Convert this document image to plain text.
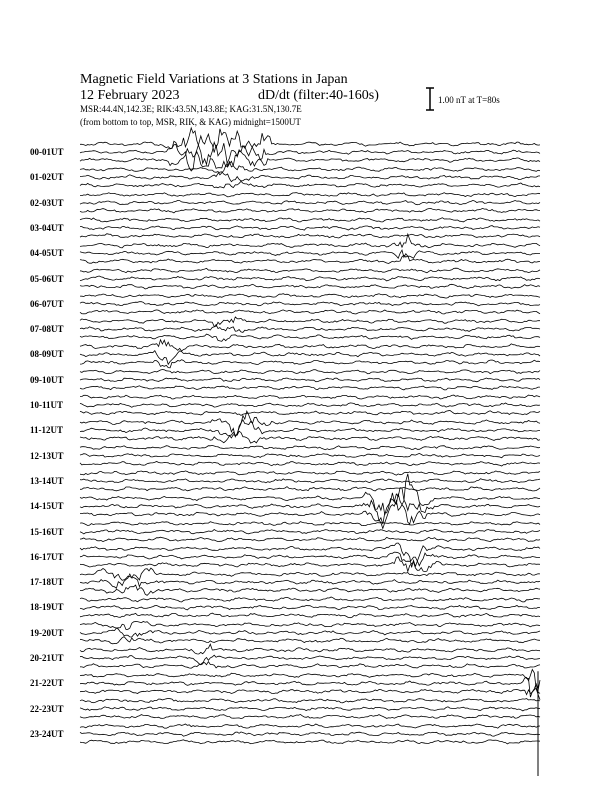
Magnetic Field Variations at 3 Stations in Japan
12 February 2023	dD/dt (filter:40-160s)
MSR:44.4N,142.3E; RIK:43.5N,143.8E; KAG:31.5N,130.7E
(from bottom to top, MSR, RIK, & KAG) midnight=1500UT
1.00 nT at T=80s
00-01UT
01-02UT
02-03UT
03-04UT
04-05UT
05-06UT
06-07UT
07-08UT
08-09UT
09-10UT
10-11UT
11-12UT
12-13UT
13-14UT
14-15UT
15-16UT
16-17UT
17-18UT
18-19UT
19-20UT
20-21UT
21-22UT
22-23UT
23-24UT
